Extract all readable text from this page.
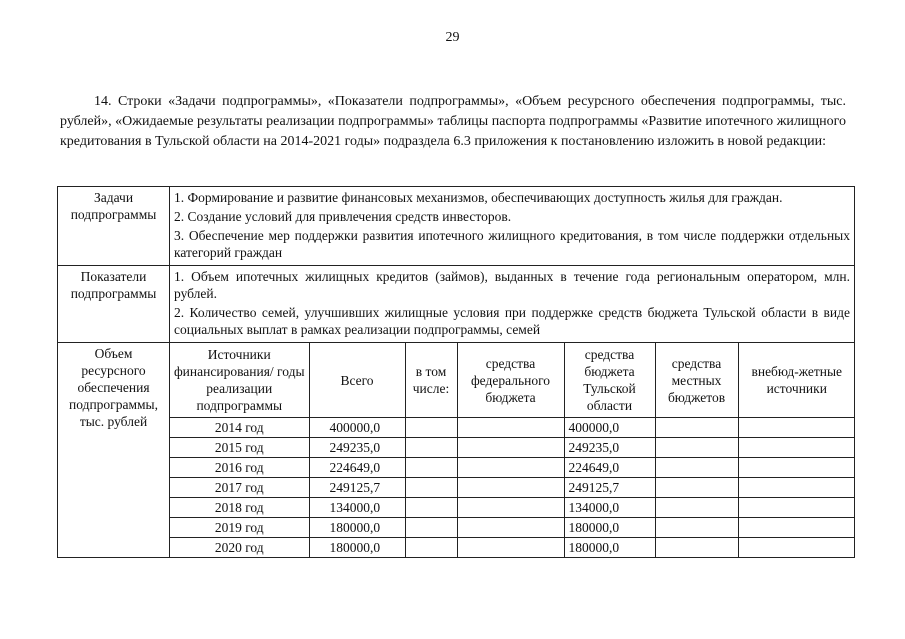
29

14. Строки «Задачи подпрограммы», «Показатели подпрограммы», «Объем ресурсного обеспечения подпрограммы, тыс. рублей», «Ожидаемые результаты реализации подпрограммы» таблицы паспорта подпрограммы «Развитие ипотечного жилищного кредитования в Тульской области на 2014-2021 годы» подраздела 6.3 приложения к постановлению изложить в новой редакции:

Задачи подпрограммы	
1. Формирование и развитие финансовых механизмов, обеспечивающих доступность жилья для граждан.
2. Создание условий для привлечения средств инвесторов.
3. Обеспечение мер поддержки развития ипотечного жилищного кредитования, в том числе поддержки отдельных категорий граждан

Показатели подпрограммы	
1. Объем ипотечных жилищных кредитов (займов), выданных в течение года региональным оператором, млн. рублей.
2. Количество семей, улучшивших жилищные условия при поддержке средств бюджета Тульской области в виде социальных выплат в рамках реализации подпрограммы, семей

Объем ресурсного обеспечения подпрограммы, тыс. рублей	
Источники финансирования/ годы реализации подпрограммы	Всего	в том числе:	средства федерального бюджета	средства бюджета Тульской области	средства местных бюджетов	внебюд-жетные источники
2014 год	400000,0			400000,0		
2015 год	249235,0			249235,0		
2016 год	224649,0			224649,0		
2017 год	249125,7			249125,7		
2018 год	134000,0			134000,0		
2019 год	180000,0			180000,0		
2020 год	180000,0			180000,0		
